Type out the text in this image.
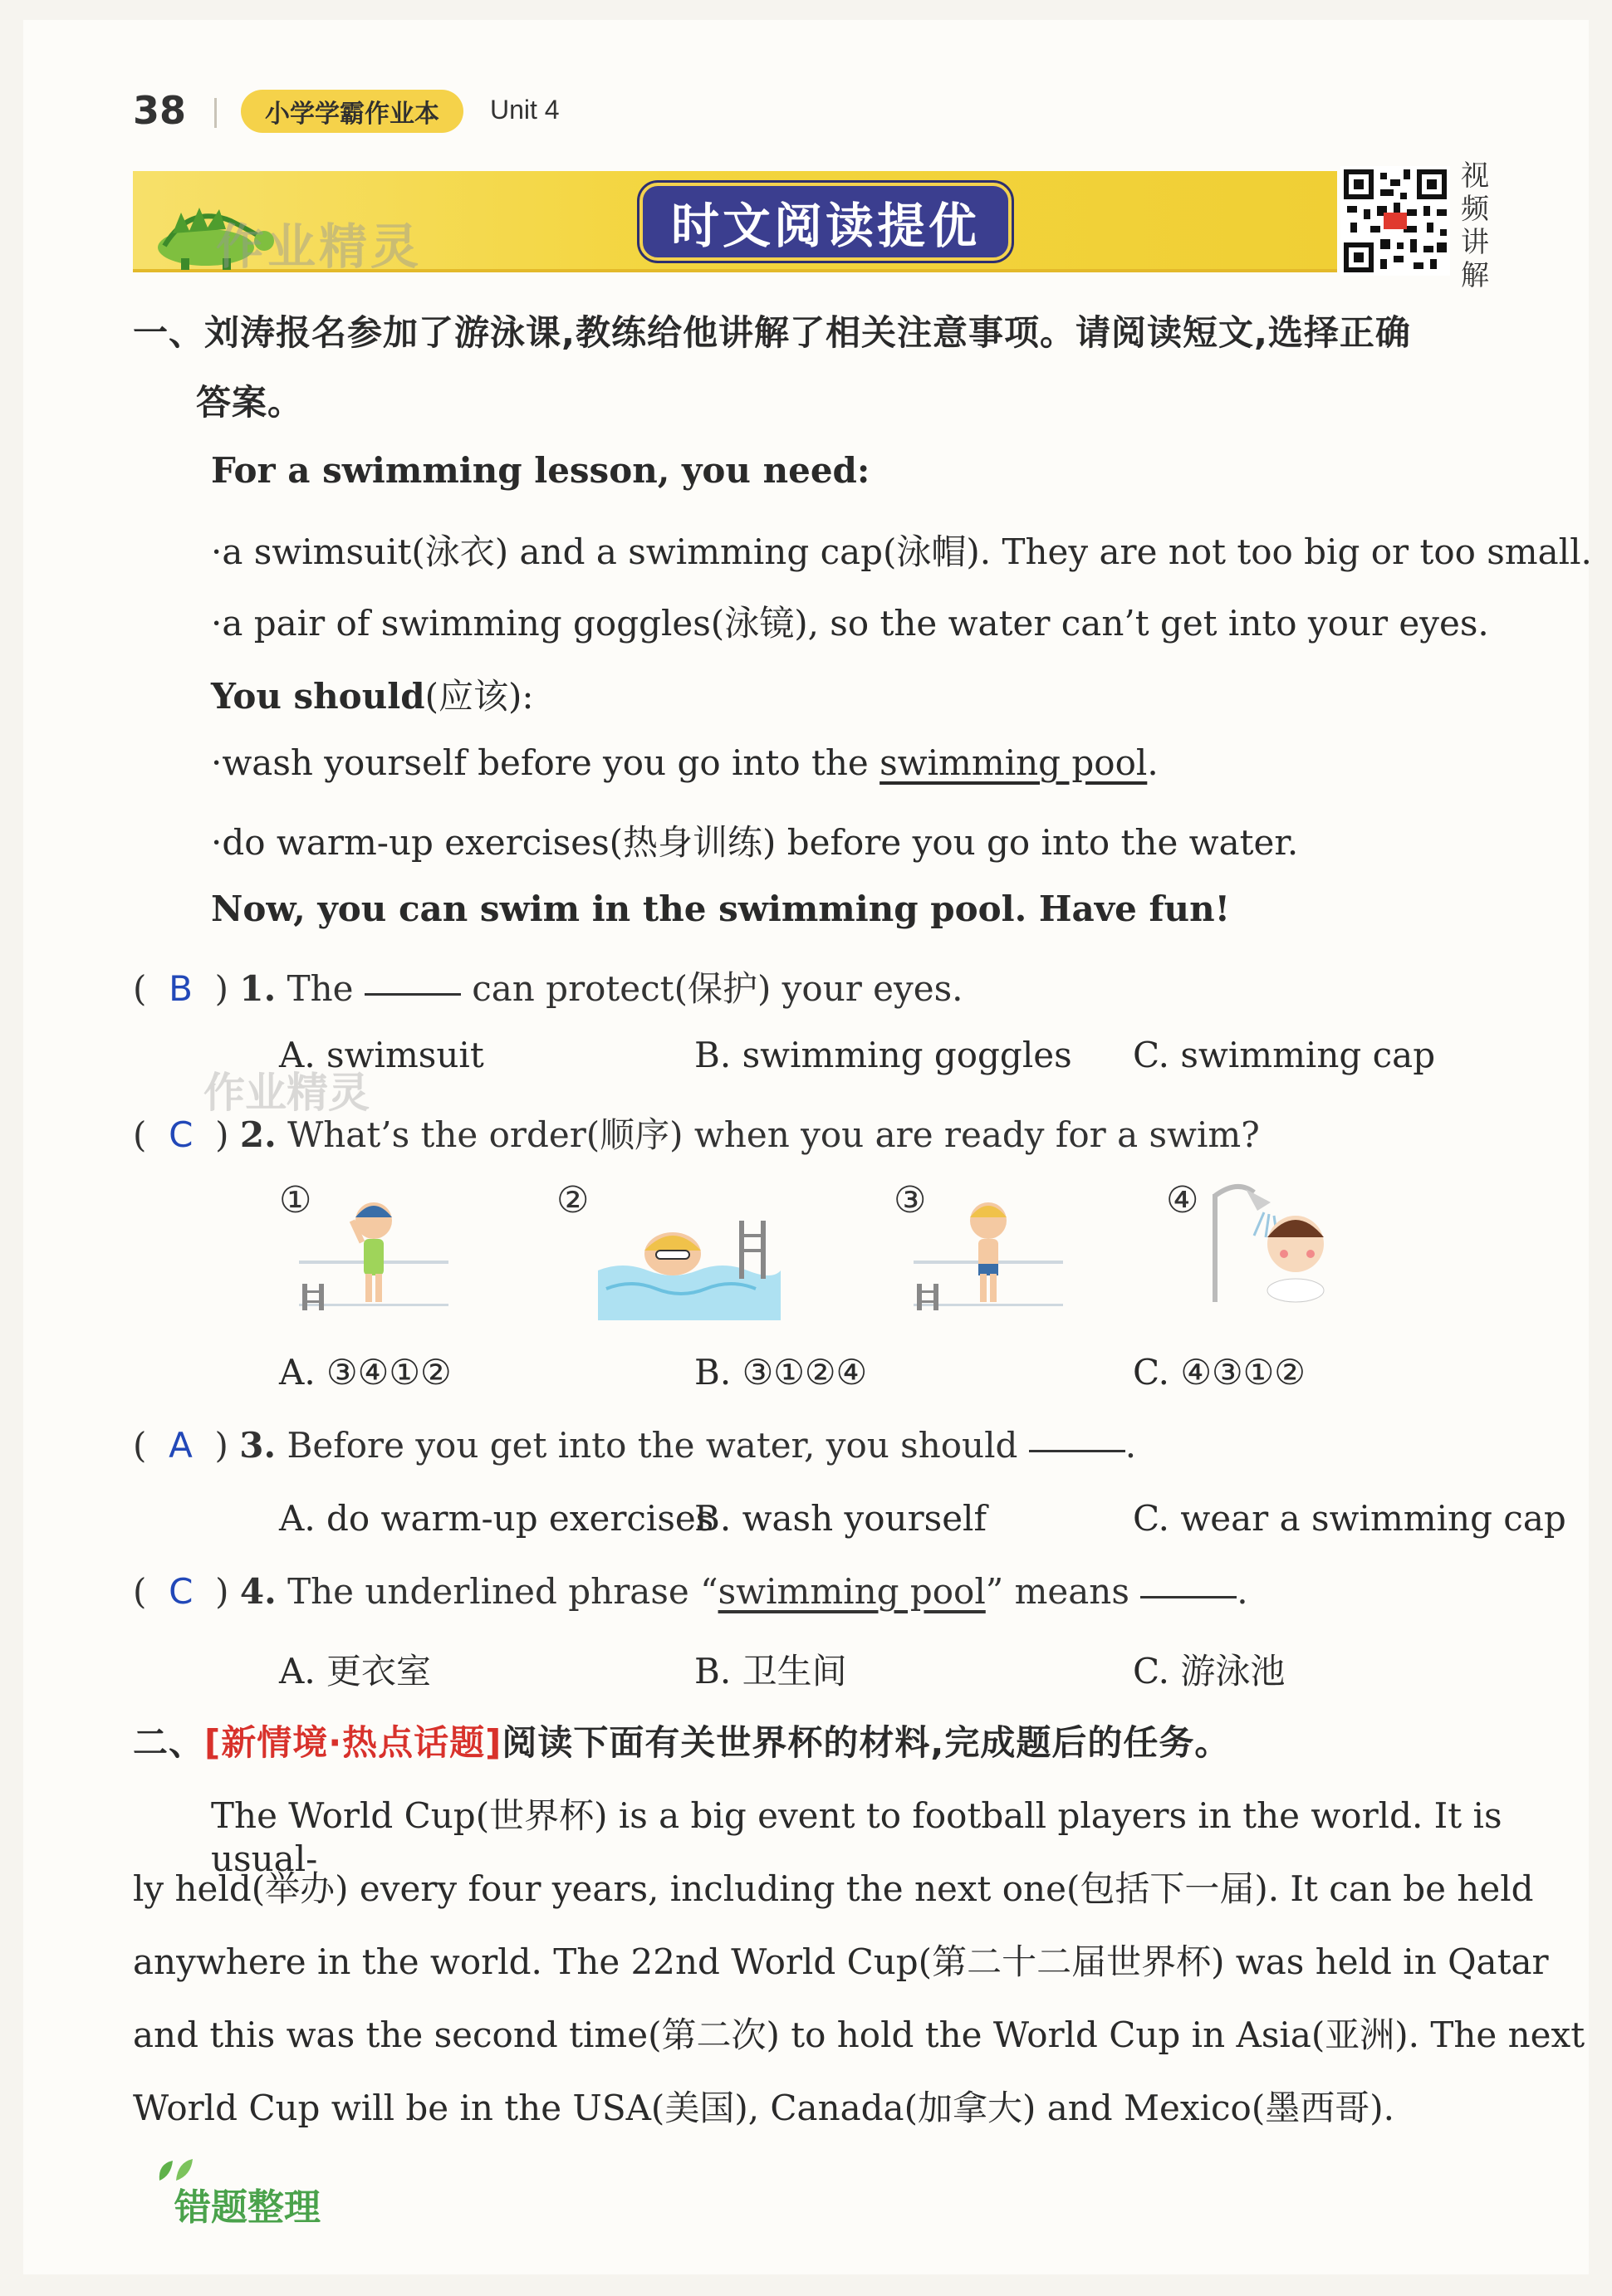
38	小学学霸作业本	Unit 4
作业精灵	时文阅读提优
视
频
讲
解
一、刘涛报名参加了游泳课,教练给他讲解了相关注意事项。请阅读短文,选择正确
答案。
For a swimming lesson, you need:
·a swimsuit(泳衣) and a swimming cap(泳帽). They are not too big or too small.
·a pair of swimming goggles(泳镜), so the water can’t get into your eyes.
You should(应该):
·wash yourself before you go into the swimming pool.
·do warm-up exercises(热身训练) before you go into the water.
Now, you can swim in the swimming pool. Have fun!
(  B  ) 1. The	can protect(保护) your eyes.
A. swimsuit	B. swimming goggles C. swimming cap
作业精灵
(  C  ) 2. What’s the order(顺序) when you are ready for a swim?
①	②	③	④
A. ③④①②	B. ③①②④	C. ④③①②
(  A  ) 3. Before you get into the water, you should	.
A. do warm-up exercises
B. wash yourself	C. wear a swimming cap
(  C  ) 4. The underlined phrase “swimming pool” means	.
A. 更衣室	B. 卫生间	C. 游泳池
二、[新情境·热点话题]阅读下面有关世界杯的材料,完成题后的任务。
The World Cup(世界杯) is a big event to football players in the world. It is usual-
ly held(举办) every four years, including the next one(包括下一届). It can be held
anywhere in the world. The 22nd World Cup(第二十二届世界杯) was held in Qatar
and this was the second time(第二次) to hold the World Cup in Asia(亚洲). The next
World Cup will be in the USA(美国), Canada(加拿大) and Mexico(墨西哥).
错题整理
